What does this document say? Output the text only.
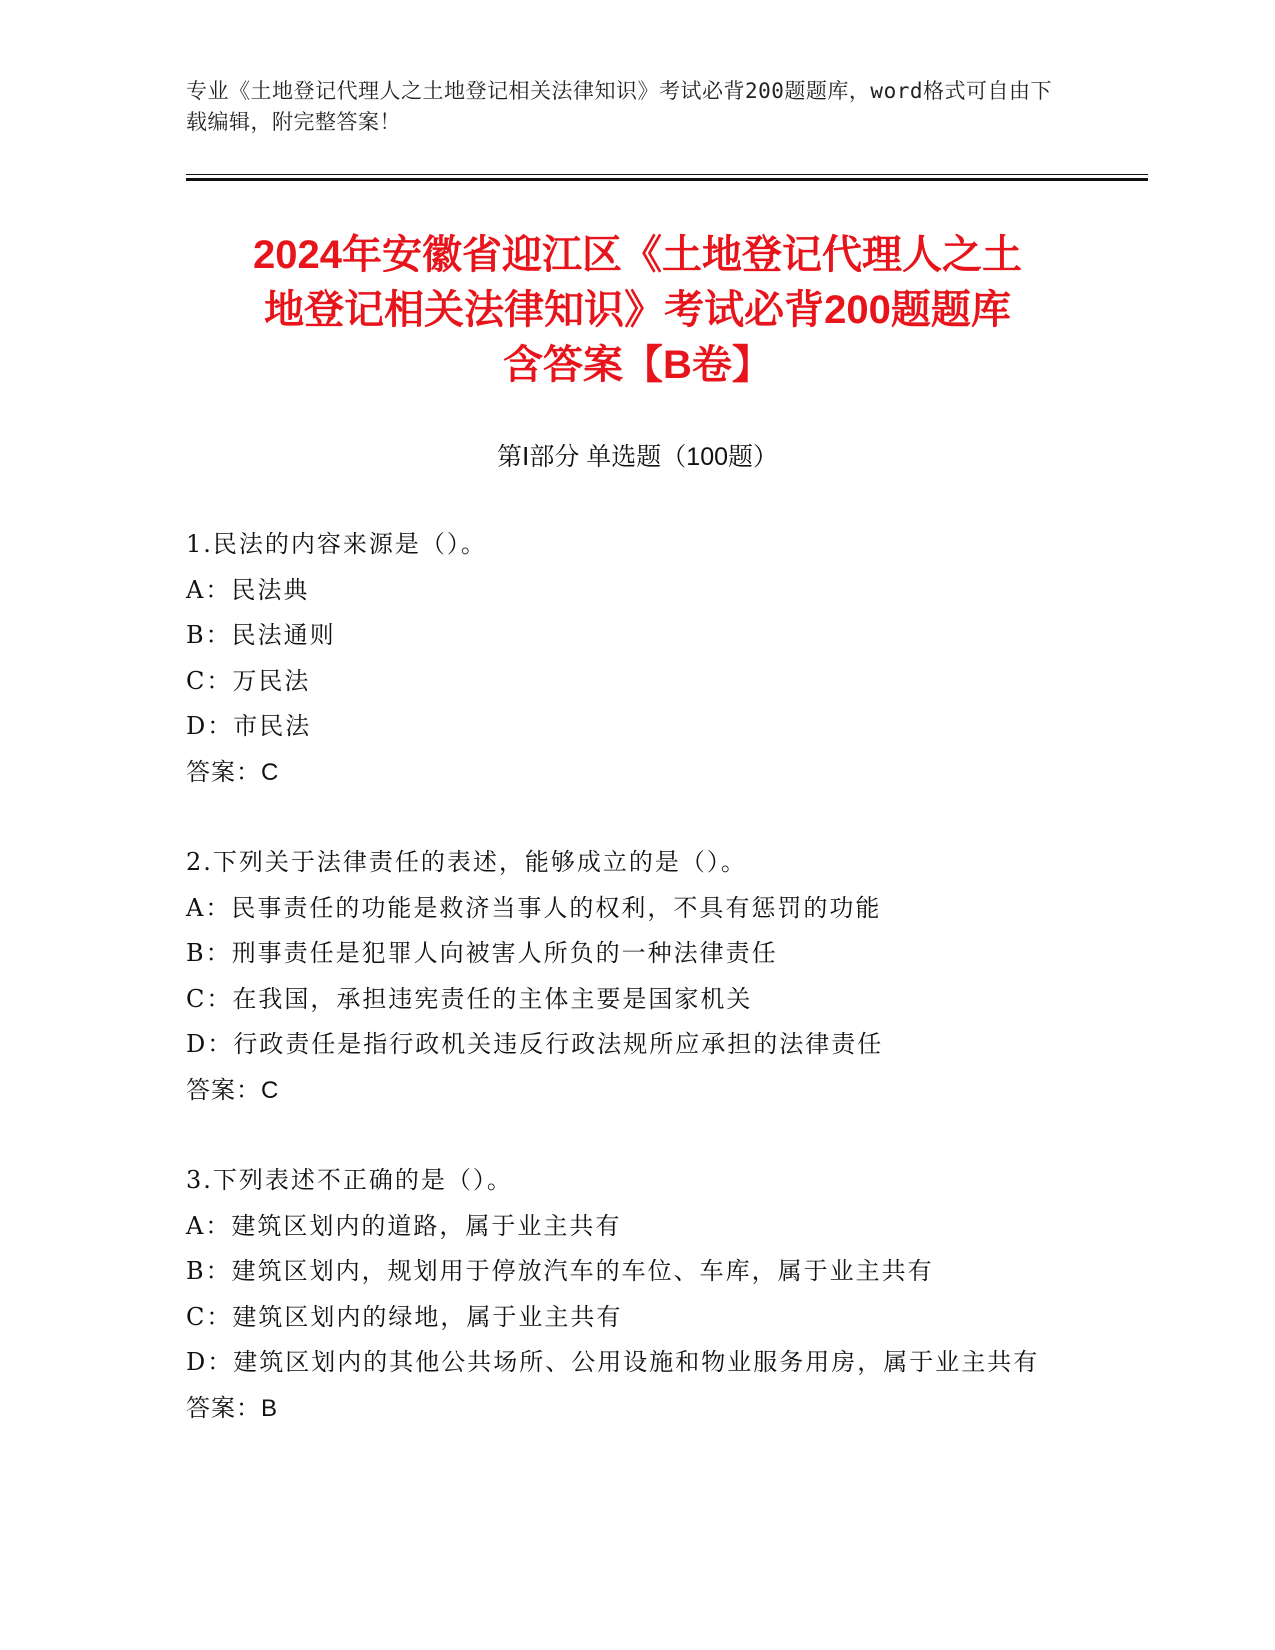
专业《土地登记代理人之土地登记相关法律知识》考试必背200题题库，word格式可自由下载编辑，附完整答案！
2024年安徽省迎江区《土地登记代理人之土
地登记相关法律知识》考试必背200题题库
含答案【B卷】
第Ⅰ部分 单选题（100题）
1.民法的内容来源是（）。
A：民法典
B：民法通则
C：万民法
D：市民法
答案：C
2.下列关于法律责任的表述，能够成立的是（）。
A：民事责任的功能是救济当事人的权利，不具有惩罚的功能
B：刑事责任是犯罪人向被害人所负的一种法律责任
C：在我国，承担违宪责任的主体主要是国家机关
D：行政责任是指行政机关违反行政法规所应承担的法律责任
答案：C
3.下列表述不正确的是（）。
A：建筑区划内的道路，属于业主共有
B：建筑区划内，规划用于停放汽车的车位、车库，属于业主共有
C：建筑区划内的绿地，属于业主共有
D：建筑区划内的其他公共场所、公用设施和物业服务用房，属于业主共有
答案：B
